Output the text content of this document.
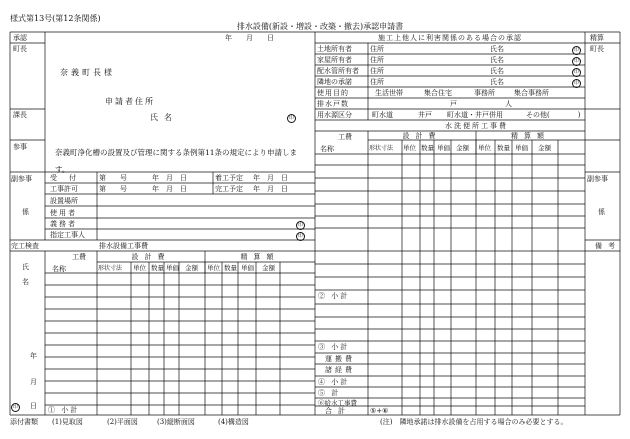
様式第13号(第12条関係)
排水設備(新設・増設・改築・撤去)承認申請書
承認
町長
課長
参事
副参事
係
完工検査
氏
名
年
月
日
印
年　　月　　日
奈義町長様
申請者住所
氏名	印
奈義町浄化槽の設置及び管理に関する条例第11条の規定により申請します。
受付 第　　号	年　月　日	着工予定 年　月　日
工事許可	第　　号	年　月　日	完工予定 年　月　日
設置場所
使用者
義務者	印
指定工事人	印
施工上他人に利害関係のある場合の承認
土地所有者	住所	氏名	印
家屋所有者	住所	氏名	印
配水管所有者 住所	氏名	印
隣地の承諾	住所	氏名	印
使用目的	生活世帯	集合住宅	事務所	集合事務所
排水戸数	戸	人
用水源区分	町水道	井戸 町水道・井戸併用	その他(　　　　)
精算
町長
副参事
係
備考
水洗便所工事費
工費
名称
設計費	精算額
形状寸法 単位 数量 単価 金額 単位 数量 単価 金額
排水設備工事費
工費
名称
設計費	精算額
形状寸法 単位 数量 単価 金額 単位 数量 単価 金額
① 小計
② 小計
③ 小計
運搬費
諸経費
④ 小計
⑤ 計
⑥給水工事費
合計	⑤+⑥
添付書類 (1)見取図	(2)平面図	(3)縦断面図	(4)構造図	(注)　隣地承諾は排水設備を占用する場合のみ必要とする。
